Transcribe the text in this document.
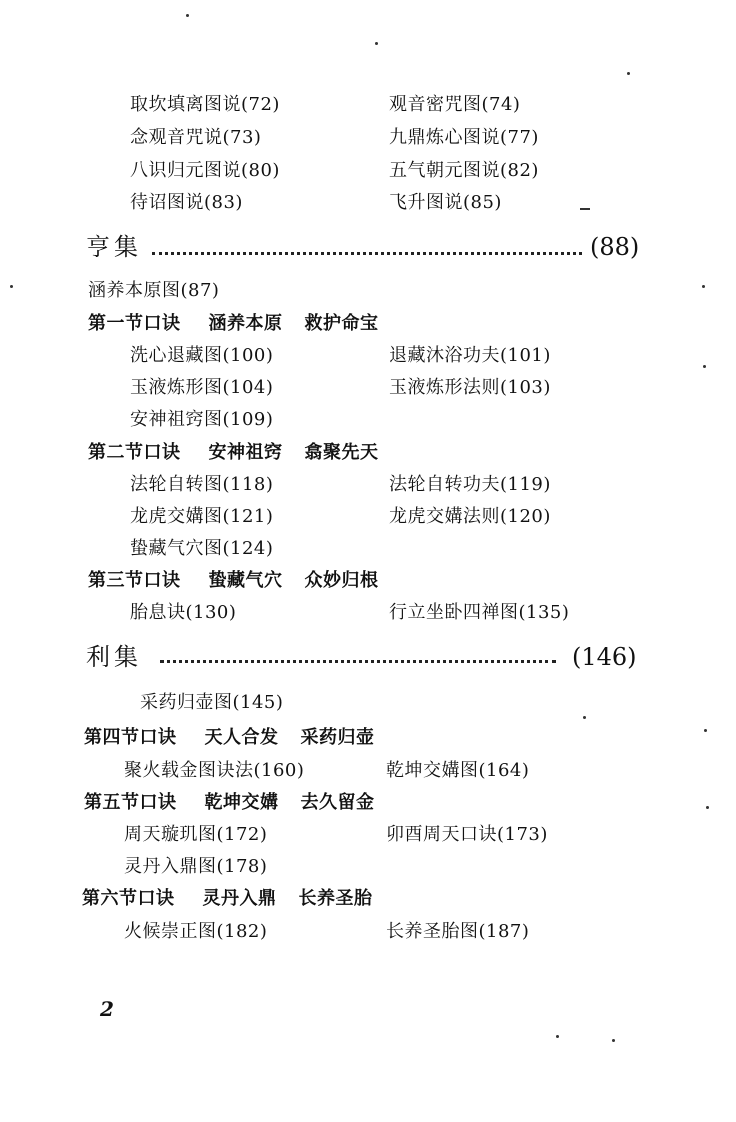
取坎填离图说(72)	观音密咒图(74)
念观音咒说(73)	九鼎炼心图说(77)
八识归元图说(80)	五气朝元图说(82)
待诏图说(83)	飞升图说(85)
亨集	(88)
涵养本原图(87)
第一节口诀 涵养本原 救护命宝
洗心退藏图(100)	退藏沐浴功夫(101)
玉液炼形图(104)	玉液炼形法则(103)
安神祖窍图(109)
第二节口诀 安神祖窍 翕聚先天
法轮自转图(118)	法轮自转功夫(119)
龙虎交媾图(121)	龙虎交媾法则(120)
蛰藏气穴图(124)
第三节口诀 蛰藏气穴 众妙归根
胎息诀(130)	行立坐卧四禅图(135)
利集	(146)
采药归壶图(145)
第四节口诀 天人合发 采药归壶
聚火载金图诀法(160)	乾坤交媾图(164)
第五节口诀 乾坤交媾 去久留金
周天璇玑图(172)	卯酉周天口诀(173)
灵丹入鼎图(178)
第六节口诀 灵丹入鼎 长养圣胎
火候崇正图(182)	长养圣胎图(187)
2
